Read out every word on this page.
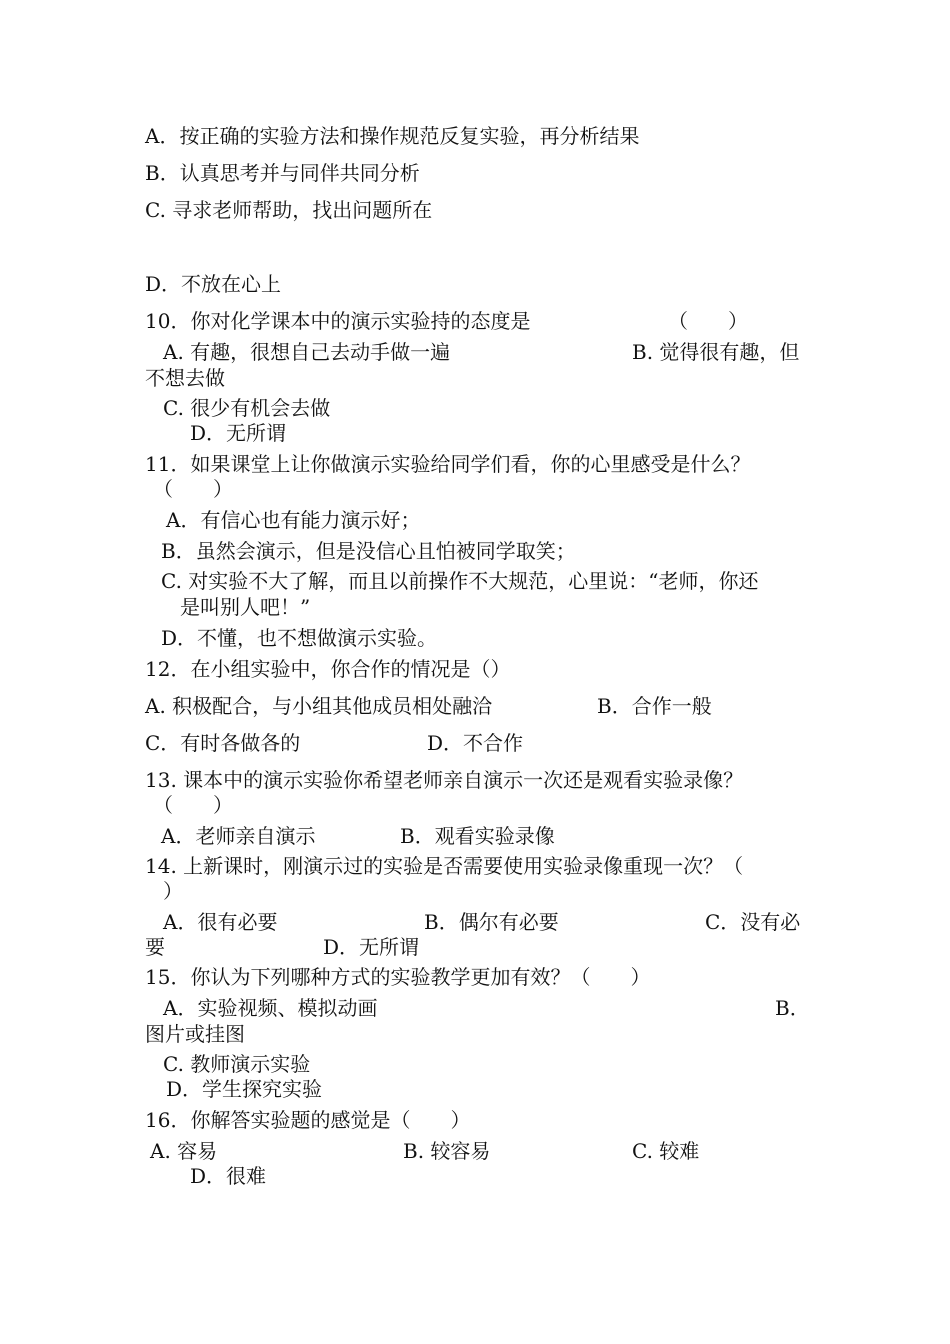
A．按正确的实验方法和操作规范反复实验，再分析结果
B．认真思考并与同伴共同分析
C. 寻求老师帮助，找出问题所在
D．不放在心上
10．你对化学课本中的演示实验持的态度是	（　　）
A. 有趣，很想自己去动手做一遍	B. 觉得很有趣，但
不想去做
C. 很少有机会去做
D．无所谓
11．如果课堂上让你做演示实验给同学们看，你的心里感受是什么？
（　　）
A．有信心也有能力演示好；
B．虽然会演示，但是没信心且怕被同学取笑；
C. 对实验不大了解，而且以前操作不大规范，心里说：“老师，你还
是叫别人吧！”
D．不懂，也不想做演示实验。
12．在小组实验中，你合作的情况是（）
A. 积极配合，与小组其他成员相处融洽	B．合作一般
C．有时各做各的	D．不合作
13. 课本中的演示实验你希望老师亲自演示一次还是观看实验录像？
（　　）
A．老师亲自演示	B．观看实验录像
14. 上新课时，刚演示过的实验是否需要使用实验录像重现一次？（
）
A．很有必要	B．偶尔有必要	C．没有必
要	D．无所谓
15．你认为下列哪种方式的实验教学更加有效？（　　）
A．实验视频、模拟动画	B．
图片或挂图
C. 教师演示实验
D．学生探究实验
16．你解答实验题的感觉是（　　）
A. 容易	B. 较容易	C. 较难
D．很难
